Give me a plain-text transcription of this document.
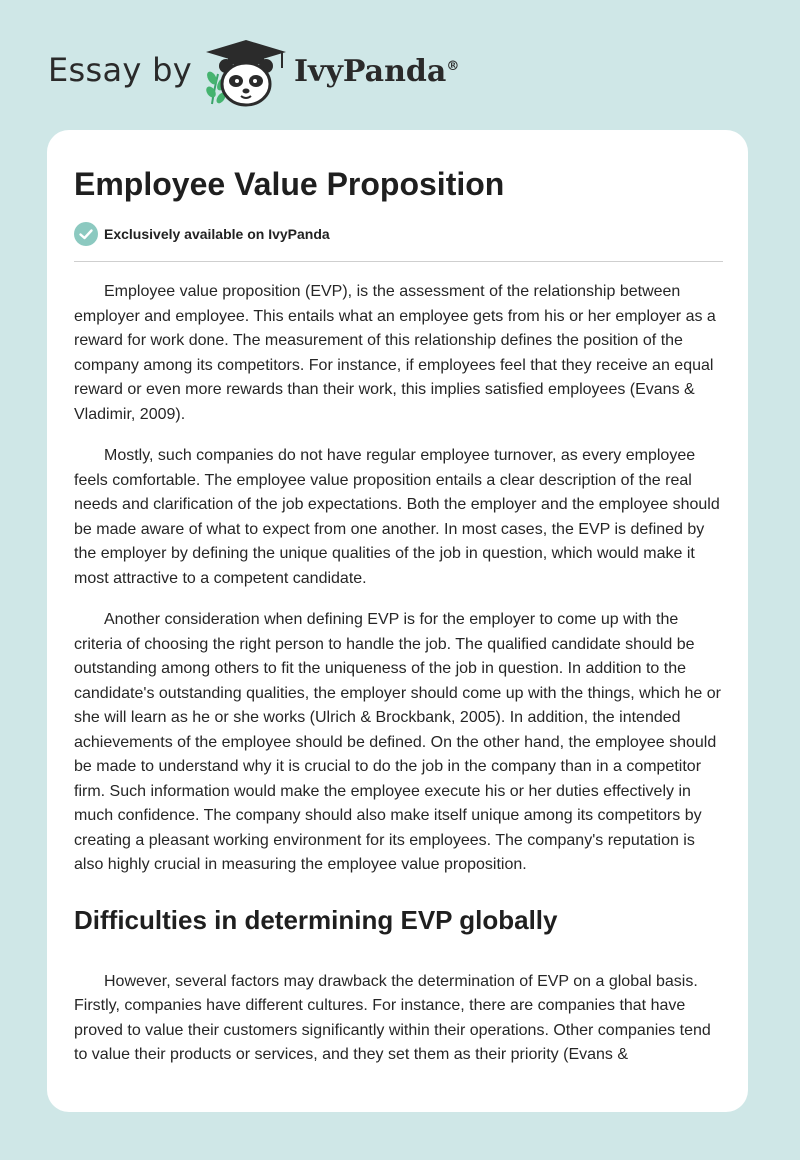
Essay by	IvyPanda®
Employee Value Proposition
Exclusively available on IvyPanda

Employee value proposition (EVP), is the assessment of the relationship between employer and employee. This entails what an employee gets from his or her employer as a reward for work done. The measurement of this relationship defines the position of the company among its competitors. For instance, if employees feel that they receive an equal reward or even more rewards than their work, this implies satisfied employees (Evans & Vladimir, 2009).

Mostly, such companies do not have regular employee turnover, as every employee feels comfortable. The employee value proposition entails a clear description of the real needs and clarification of the job expectations. Both the employer and the employee should be made aware of what to expect from one another. In most cases, the EVP is defined by the employer by defining the unique qualities of the job in question, which would make it most attractive to a competent candidate.

Another consideration when defining EVP is for the employer to come up with the criteria of choosing the right person to handle the job. The qualified candidate should be outstanding among others to fit the uniqueness of the job in question. In addition to the candidate's outstanding qualities, the employer should come up with the things, which he or she will learn as he or she works (Ulrich & Brockbank, 2005). In addition, the intended achievements of the employee should be defined. On the other hand, the employee should be made to understand why it is crucial to do the job in the company than in a competitor firm. Such information would make the employee execute his or her duties effectively in much confidence. The company should also make itself unique among its competitors by creating a pleasant working environment for its employees. The company's reputation is also highly crucial in measuring the employee value proposition.

Difficulties in determining EVP globally

However, several factors may drawback the determination of EVP on a global basis. Firstly, companies have different cultures. For instance, there are companies that have proved to value their customers significantly within their operations. Other companies tend to value their products or services, and they set them as their priority (Evans &
